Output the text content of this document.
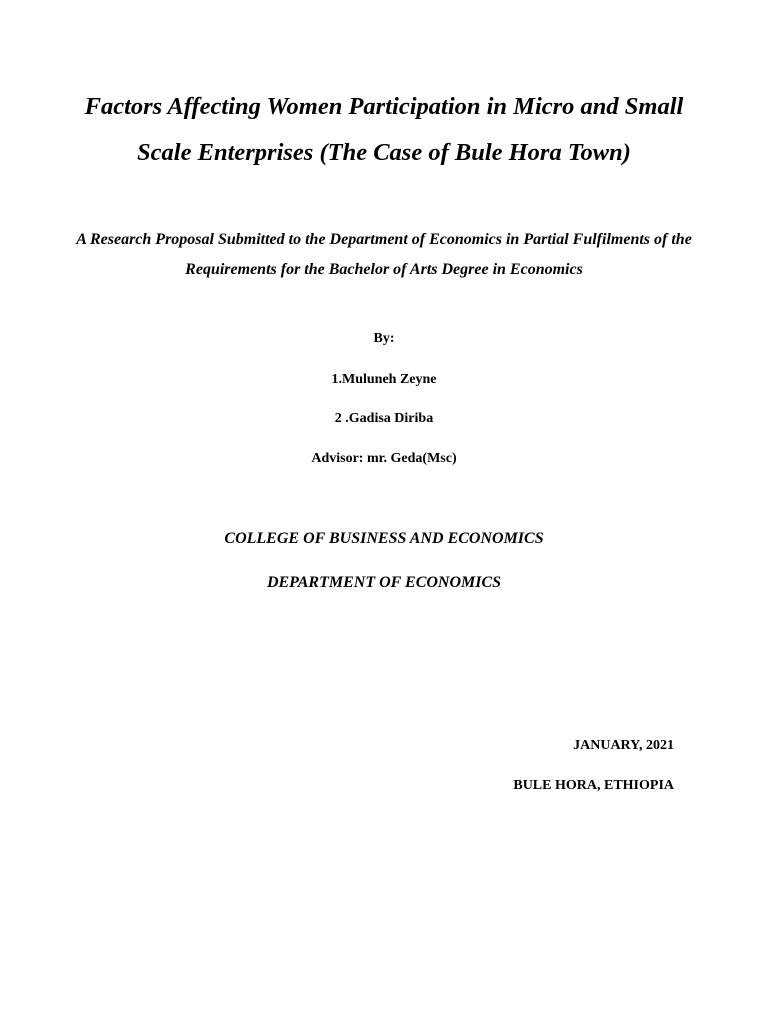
Factors Affecting Women Participation in Micro and Small Scale Enterprises (The Case of Bule Hora Town)

A Research Proposal Submitted to the Department of Economics in Partial Fulfilments of the Requirements for the Bachelor of Arts Degree in Economics

By:

1.Muluneh Zeyne

2 .Gadisa Diriba

Advisor: mr. Geda(Msc)

COLLEGE OF BUSINESS AND ECONOMICS

DEPARTMENT OF ECONOMICS

JANUARY, 2021

BULE HORA, ETHIOPIA
